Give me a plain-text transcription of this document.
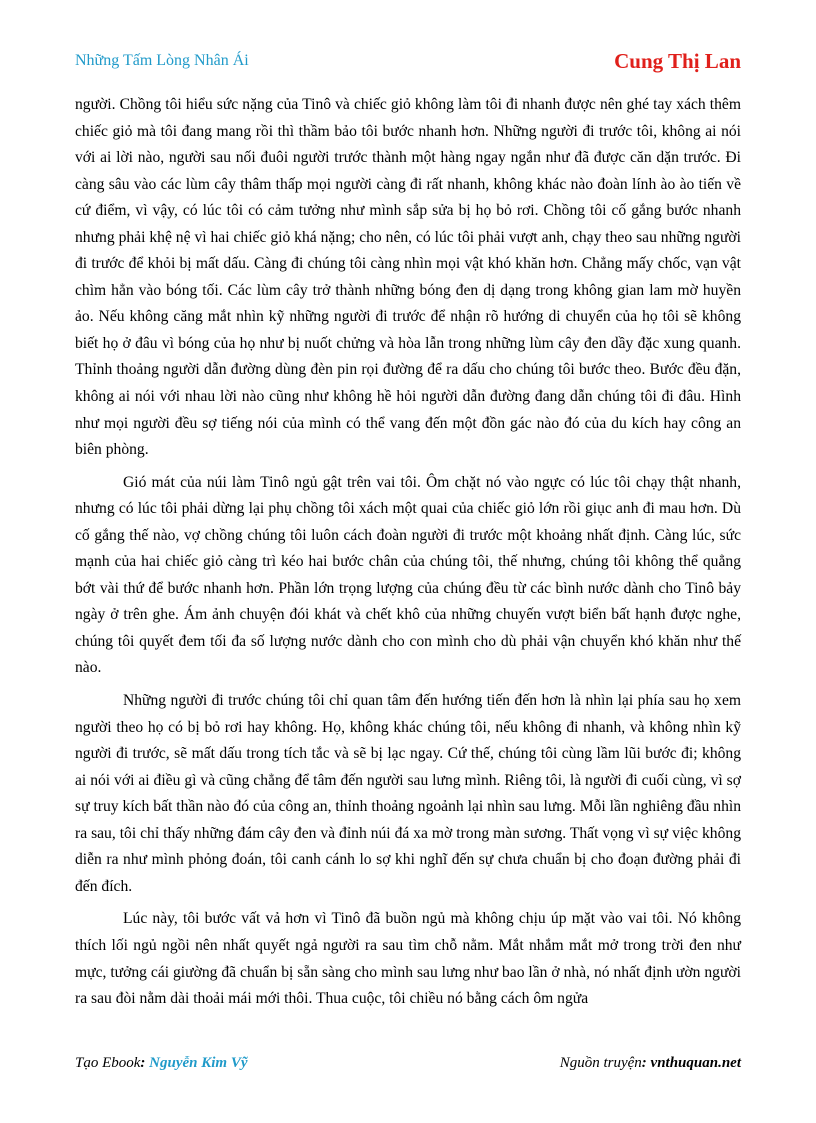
Những Tấm Lòng Nhân Ái	Cung Thị Lan

người. Chồng tôi hiểu sức nặng của Tinô và chiếc giỏ không làm tôi đi nhanh được nên ghé tay xách thêm chiếc giỏ mà tôi đang mang rồi thì thầm bảo tôi bước nhanh hơn. Những người đi trước tôi, không ai nói với ai lời nào, người sau nối đuôi người trước thành một hàng ngay ngắn như đã được căn dặn trước. Đi càng sâu vào các lùm cây thâm thấp mọi người càng đi rất nhanh, không khác nào đoàn lính ào ào tiến về cứ điểm, vì vậy, có lúc tôi có cảm tưởng như mình sắp sửa bị họ bỏ rơi. Chồng tôi cố gắng bước nhanh nhưng phải khệ nệ vì hai chiếc giỏ khá nặng; cho nên, có lúc tôi phải vượt anh, chạy theo sau những người đi trước để khỏi bị mất dấu. Càng đi chúng tôi càng nhìn mọi vật khó khăn hơn. Chẳng mấy chốc, vạn vật chìm hẳn vào bóng tối. Các lùm cây trở thành những bóng đen dị dạng trong không gian lam mờ huyền ảo. Nếu không căng mắt nhìn kỹ những người đi trước để nhận rõ hướng di chuyển của họ tôi sẽ không biết họ ở đâu vì bóng của họ như bị nuốt chửng và hòa lẫn trong những lùm cây đen dầy đặc xung quanh. Thỉnh thoảng người dẫn đường dùng đèn pin rọi đường để ra dấu cho chúng tôi bước theo. Bước đều đặn, không ai nói với nhau lời nào cũng như không hề hỏi người dẫn đường đang dẫn chúng tôi đi đâu. Hình như mọi người đều sợ tiếng nói của mình có thể vang đến một đồn gác nào đó của du kích hay công an biên phòng.

Gió mát của núi làm Tinô ngủ gật trên vai tôi. Ôm chặt nó vào ngực có lúc tôi chạy thật nhanh, nhưng có lúc tôi phải dừng lại phụ chồng tôi xách một quai của chiếc giỏ lớn rồi giục anh đi mau hơn. Dù cố gắng thế nào, vợ chồng chúng tôi luôn cách đoàn người đi trước một khoảng nhất định. Càng lúc, sức mạnh của hai chiếc giỏ càng trì kéo hai bước chân của chúng tôi, thế nhưng, chúng tôi không thể quẳng bớt vài thứ để bước nhanh hơn. Phần lớn trọng lượng của chúng đều từ các bình nước dành cho Tinô bảy ngày ở trên ghe. Ám ảnh chuyện đói khát và chết khô của những chuyến vượt biển bất hạnh được nghe, chúng tôi quyết đem tối đa số lượng nước dành cho con mình cho dù phải vận chuyển khó khăn như thế nào.

Những người đi trước chúng tôi chỉ quan tâm đến hướng tiến đến hơn là nhìn lại phía sau họ xem người theo họ có bị bỏ rơi hay không. Họ, không khác chúng tôi, nếu không đi nhanh, và không nhìn kỹ người đi trước, sẽ mất dấu trong tích tắc và sẽ bị lạc ngay. Cứ thế, chúng tôi cùng lầm lũi bước đi; không ai nói với ai điều gì và cũng chẳng để tâm đến người sau lưng mình. Riêng tôi, là người đi cuối cùng, vì sợ sự truy kích bất thần nào đó của công an, thỉnh thoảng ngoảnh lại nhìn sau lưng. Mỗi lần nghiêng đầu nhìn ra sau, tôi chỉ thấy những đám cây đen và đỉnh núi đá xa mờ trong màn sương. Thất vọng vì sự việc không diễn ra như mình phỏng đoán, tôi canh cánh lo sợ khi nghĩ đến sự chưa chuẩn bị cho đoạn đường phải đi đến đích.

Lúc này, tôi bước vất vả hơn vì Tinô đã buồn ngủ mà không chịu úp mặt vào vai tôi. Nó không thích lối ngủ ngồi nên nhất quyết ngả người ra sau tìm chỗ nằm. Mắt nhắm mắt mở trong trời đen như mực, tưởng cái giường đã chuẩn bị sẵn sàng cho mình sau lưng như bao lần ở nhà, nó nhất định ườn người ra sau đòi nằm dài thoải mái mới thôi. Thua cuộc, tôi chiều nó bằng cách ôm ngửa

Tạo Ebook: Nguyễn Kim Vỹ	Nguồn truyện: vnthuquan.net
